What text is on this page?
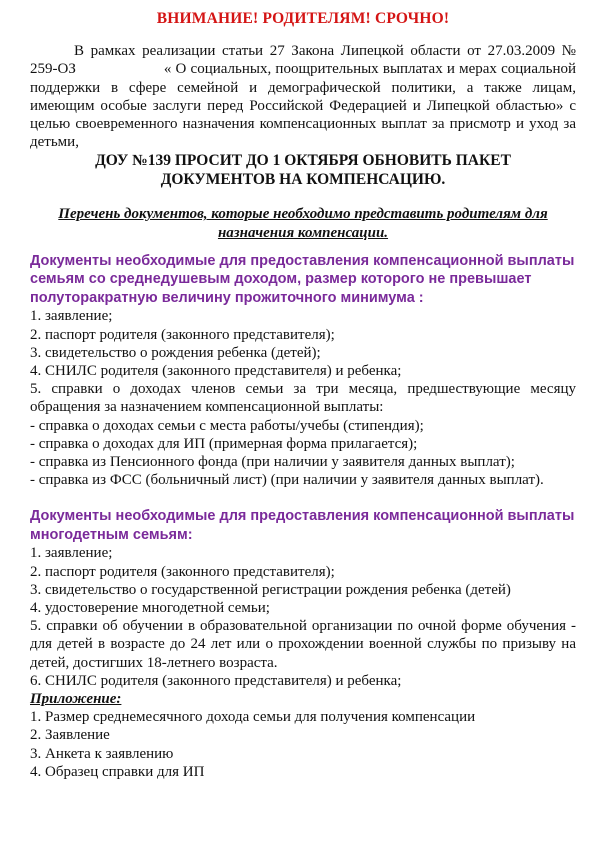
ВНИМАНИЕ! РОДИТЕЛЯМ! СРОЧНО!

В рамках реализации статьи 27 Закона Липецкой области от 27.03.2009 № 259-ОЗ	« О социальных, поощрительных выплатах и мерах социальной поддержки в сфере семейной и демографической политики, а также лицам, имеющим особые заслуги перед Российской Федерацией и Липецкой областью» с целью своевременного назначения компенсационных выплат за присмотр и уход за детьми,

ДОУ №139 ПРОСИТ ДО 1 ОКТЯБРЯ ОБНОВИТЬ ПАКЕТ
ДОКУМЕНТОВ НА КОМПЕНСАЦИЮ.

Перечень документов, которые необходимо представить родителям для назначения компенсации.

Документы необходимые для предоставления компенсационной выплаты семьям со среднедушевым доходом, размер которого не превышает полуторакратную величину прожиточного минимума :

1. заявление;

2. паспорт родителя (законного представителя);

3. свидетельство о рождения ребенка (детей);

4. СНИЛС родителя (законного представителя) и ребенка;

5. справки о доходах членов семьи за три месяца, предшествующие месяцу обращения за назначением компенсационной выплаты:

- справка о доходах семьи с места работы/учебы (стипендия);

- справка о доходах для ИП (примерная форма прилагается);

- справка из Пенсионного фонда (при наличии у заявителя данных выплат);

- справка из ФСС (больничный лист) (при наличии у заявителя данных выплат).

Документы необходимые для предоставления компенсационной выплаты многодетным семьям:

1. заявление;

2. паспорт родителя (законного представителя);

3. свидетельство о государственной регистрации рождения ребенка (детей)

4. удостоверение многодетной семьи;

5. справки об обучении в образовательной организации по очной форме обучения - для детей в возрасте до 24 лет или о прохождении военной службы по призыву на детей, достигших 18-летнего возраста.

6. СНИЛС родителя (законного представителя) и ребенка;

Приложение:

1. Размер среднемесячного дохода семьи для получения компенсации

2. Заявление

3. Анкета к заявлению

4. Образец справки для ИП
